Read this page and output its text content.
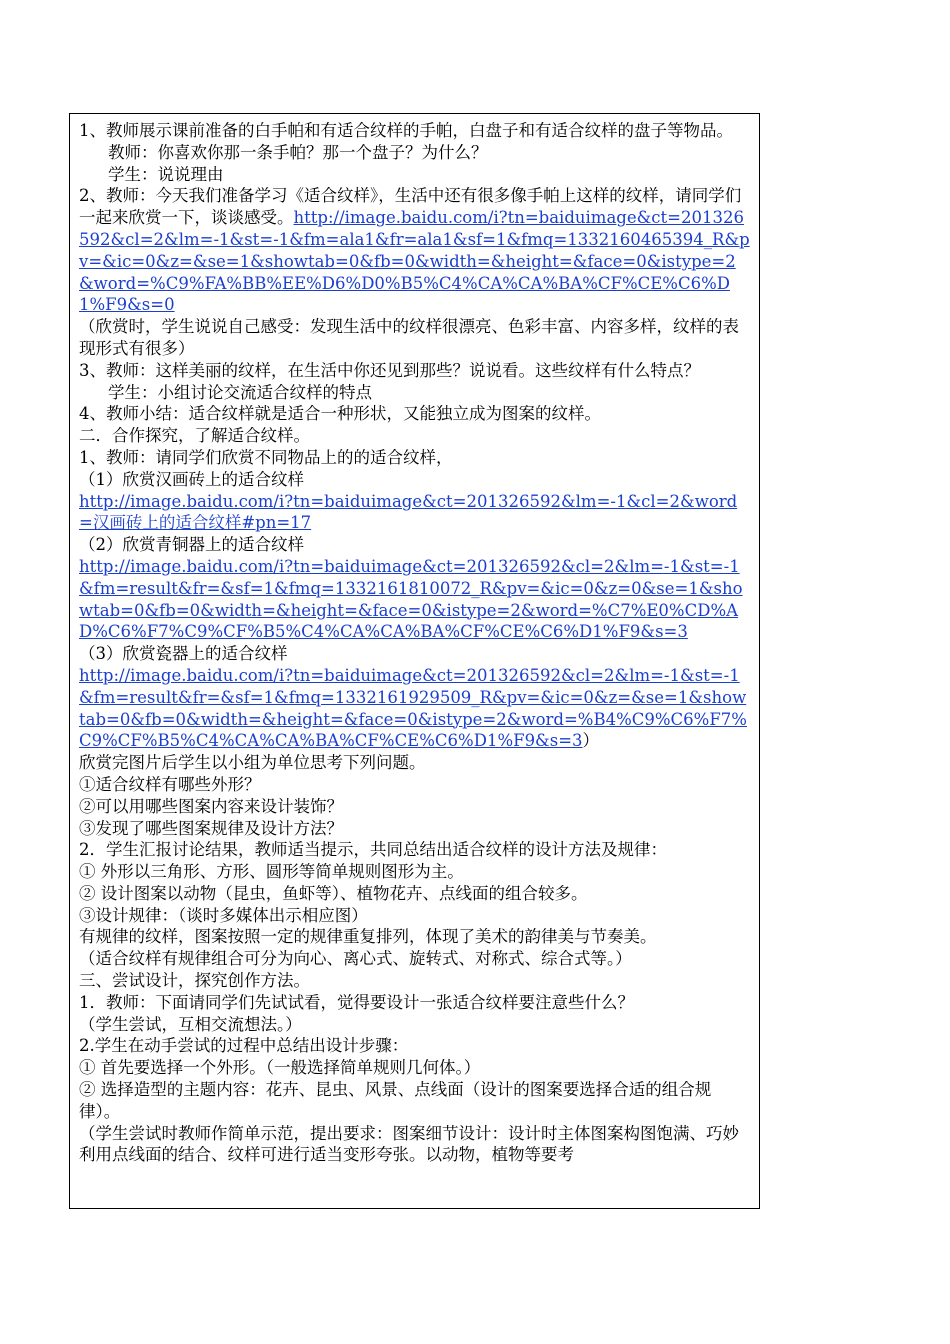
1、教师展示课前准备的白手帕和有适合纹样的手帕，白盘子和有适合纹样的盘子等物品。
教师：你喜欢你那一条手帕？那一个盘子？为什么？
学生：说说理由
2、教师：今天我们准备学习《适合纹样》，生活中还有很多像手帕上这样的纹样，请同学们一起来欣赏一下，谈谈感受。http://image.baidu.com/i?tn=baiduimage&ct=201326592&cl=2&lm=-1&st=-1&fm=ala1&fr=ala1&sf=1&fmq=1332160465394_R&pv=&ic=0&z=&se=1&showtab=0&fb=0&width=&height=&face=0&istype=2&word=%C9%FA%BB%EE%D6%D0%B5%C4%CA%CA%BA%CF%CE%C6%D1%F9&s=0
（欣赏时，学生说说自己感受：发现生活中的纹样很漂亮、色彩丰富、内容多样，纹样的表现形式有很多）
3、教师：这样美丽的纹样，在生活中你还见到那些？说说看。这些纹样有什么特点？
学生：小组讨论交流适合纹样的特点
4、教师小结：适合纹样就是适合一种形状，又能独立成为图案的纹样。
二．合作探究，了解适合纹样。
1、教师：请同学们欣赏不同物品上的的适合纹样，
（1）欣赏汉画砖上的适合纹样
http://image.baidu.com/i?tn=baiduimage&ct=201326592&lm=-1&cl=2&word=汉画砖上的适合纹样#pn=17
（2）欣赏青铜器上的适合纹样
http://image.baidu.com/i?tn=baiduimage&ct=201326592&cl=2&lm=-1&st=-1&fm=result&fr=&sf=1&fmq=1332161810072_R&pv=&ic=0&z=0&se=1&showtab=0&fb=0&width=&height=&face=0&istype=2&word=%C7%E0%CD%AD%C6%F7%C9%CF%B5%C4%CA%CA%BA%CF%CE%C6%D1%F9&s=3
（3）欣赏瓷器上的适合纹样
http://image.baidu.com/i?tn=baiduimage&ct=201326592&cl=2&lm=-1&st=-1&fm=result&fr=&sf=1&fmq=1332161929509_R&pv=&ic=0&z=&se=1&showtab=0&fb=0&width=&height=&face=0&istype=2&word=%B4%C9%C6%F7%C9%CF%B5%C4%CA%CA%BA%CF%CE%C6%D1%F9&s=3）
欣赏完图片后学生以小组为单位思考下列问题。
①适合纹样有哪些外形？
②可以用哪些图案内容来设计装饰？
③发现了哪些图案规律及设计方法？
2．学生汇报讨论结果，教师适当提示，共同总结出适合纹样的设计方法及规律：
① 外形以三角形、方形、圆形等简单规则图形为主。
② 设计图案以动物（昆虫，鱼虾等）、植物花卉、点线面的组合较多。
③设计规律：（谈时多媒体出示相应图）
有规律的纹样，图案按照一定的规律重复排列，体现了美术的韵律美与节奏美。
（适合纹样有规律组合可分为向心、离心式、旋转式、对称式、综合式等。）
三、尝试设计，探究创作方法。
1．教师：下面请同学们先试试看，觉得要设计一张适合纹样要注意些什么？
（学生尝试，互相交流想法。）
2.学生在动手尝试的过程中总结出设计步骤：
① 首先要选择一个外形。（一般选择简单规则几何体。）
② 选择造型的主题内容：花卉、昆虫、风景、点线面（设计的图案要选择合适的组合规律）。
（学生尝试时教师作简单示范，提出要求：图案细节设计：设计时主体图案构图饱满、巧妙利用点线面的结合、纹样可进行适当变形夸张。以动物，植物等要考
